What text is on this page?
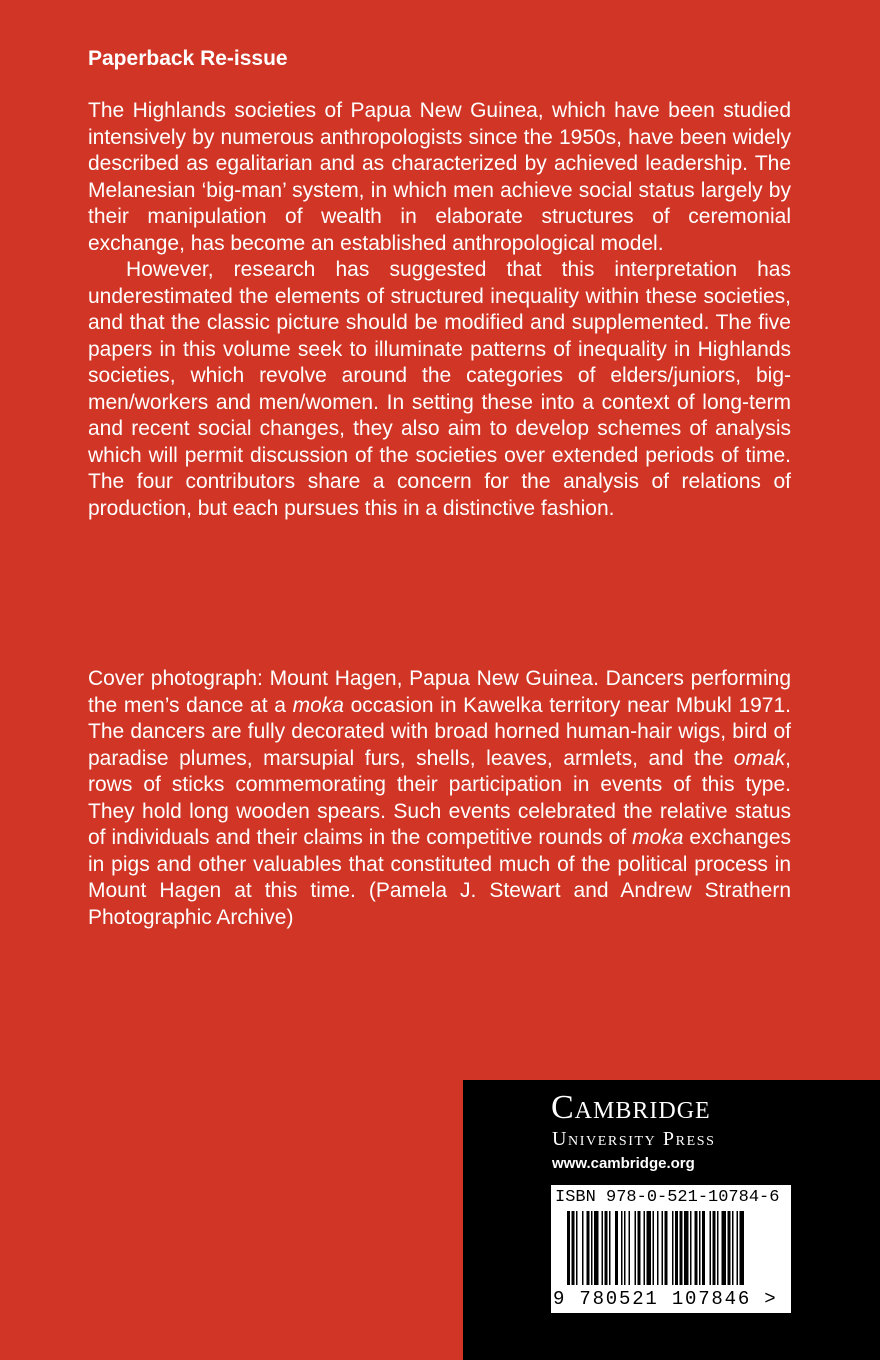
Paperback Re-issue

The Highlands societies of Papua New Guinea, which have been studied intensively by numerous anthropologists since the 1950s, have been widely described as egalitarian and as characterized by achieved leadership. The Melanesian ‘big-man’ system, in which men achieve social status largely by their manipulation of wealth in elaborate structures of ceremonial exchange, has become an established anthropological model.

However, research has suggested that this interpretation has underestimated the elements of structured inequality within these societies, and that the classic picture should be modified and supplemented. The five papers in this volume seek to illuminate patterns of inequality in Highlands societies, which revolve around the categories of elders/juniors, big-men/workers and men/women. In setting these into a context of long-term and recent social changes, they also aim to develop schemes of analysis which will permit discussion of the societies over extended periods of time. The four contributors share a concern for the analysis of relations of production, but each pursues this in a distinctive fashion.

Cover photograph: Mount Hagen, Papua New Guinea. Dancers performing the men’s dance at a moka occasion in Kawelka territory near Mbukl 1971. The dancers are fully decorated with broad horned human-hair wigs, bird of paradise plumes, marsupial furs, shells, leaves, armlets, and the omak, rows of sticks commemorating their participation in events of this type. They hold long wooden spears. Such events celebrated the relative status of individuals and their claims in the competitive rounds of moka exchanges in pigs and other valuables that constituted much of the political process in Mount Hagen at this time. (Pamela J. Stewart and Andrew Strathern Photographic Archive)

Cambridge
University Press
www.cambridge.org
ISBN 978-0-521-10784-6
9 780521 107846 >
